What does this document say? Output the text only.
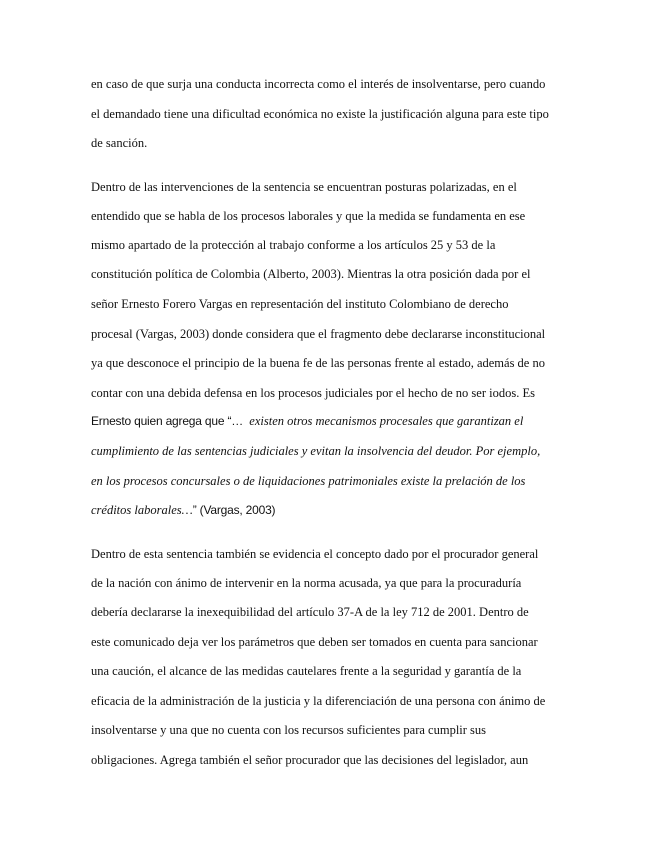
en caso de que surja una conducta incorrecta como el interés de insolventarse, pero cuando
el demandado tiene una dificultad económica no existe la justificación alguna para este tipo
de sanción.
Dentro de las intervenciones de la sentencia se encuentran posturas polarizadas, en el
entendido que se habla de los procesos laborales y que la medida se fundamenta en ese
mismo apartado de la protección al trabajo conforme a los artículos 25 y 53 de la
constitución política de Colombia (Alberto, 2003). Mientras la otra posición dada por el
señor Ernesto Forero Vargas en representación del instituto Colombiano de derecho
procesal (Vargas, 2003) donde considera que el fragmento debe declararse inconstitucional
ya que desconoce el principio de la buena fe de las personas frente al estado, además de no
contar con una debida defensa en los procesos judiciales por el hecho de no ser iodos. Es
Ernesto quien agrega que “… existen otros mecanismos procesales que garantizan el
cumplimiento de las sentencias judiciales y evitan la insolvencia del deudor. Por ejemplo,
en los procesos concursales o de liquidaciones patrimoniales existe la prelación de los
créditos laborales…” (Vargas, 2003)
Dentro de esta sentencia también se evidencia el concepto dado por el procurador general
de la nación con ánimo de intervenir en la norma acusada, ya que para la procuraduría
debería declararse la inexequibilidad del artículo 37-A de la ley 712 de 2001. Dentro de
este comunicado deja ver los parámetros que deben ser tomados en cuenta para sancionar
una caución, el alcance de las medidas cautelares frente a la seguridad y garantía de la
eficacia de la administración de la justicia y la diferenciación de una persona con ánimo de
insolventarse y una que no cuenta con los recursos suficientes para cumplir sus
obligaciones. Agrega también el señor procurador que las decisiones del legislador, aun
